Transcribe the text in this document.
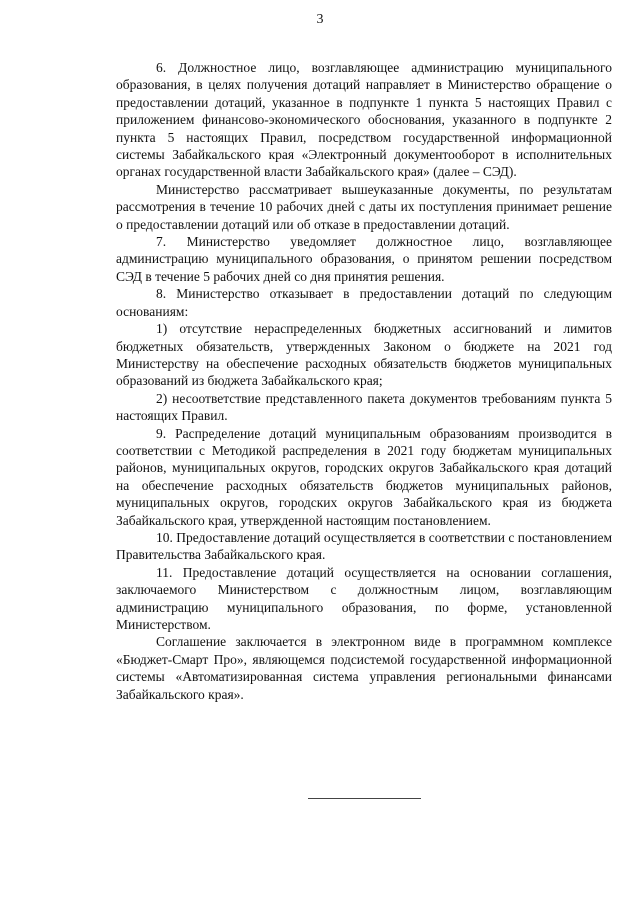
3

6. Должностное лицо, возглавляющее администрацию муниципального образования, в целях получения дотаций направляет в Министерство обращение о предоставлении дотаций, указанное в подпункте 1 пункта 5 настоящих Правил с приложением финансово-экономического обоснования, указанного в подпункте 2 пункта 5 настоящих Правил, посредством государственной информационной системы Забайкальского края «Электронный документооборот в исполнительных органах государственной власти Забайкальского края» (далее – СЭД).

Министерство рассматривает вышеуказанные документы, по результатам рассмотрения в течение 10 рабочих дней с даты их поступления принимает решение о предоставлении дотаций или об отказе в предоставлении дотаций.

7. Министерство уведомляет должностное лицо, возглавляющее администрацию муниципального образования, о принятом решении посредством СЭД в течение 5 рабочих дней со дня принятия решения.

8. Министерство отказывает в предоставлении дотаций по следующим основаниям:

1) отсутствие нераспределенных бюджетных ассигнований и лимитов бюджетных обязательств, утвержденных Законом о бюджете на 2021 год Министерству на обеспечение расходных обязательств бюджетов муниципальных образований из бюджета Забайкальского края;

2) несоответствие представленного пакета документов требованиям пункта 5 настоящих Правил.

9. Распределение дотаций муниципальным образованиям производится в соответствии с Методикой распределения в 2021 году бюджетам муниципальных районов, муниципальных округов, городских округов Забайкальского края дотаций на обеспечение расходных обязательств бюджетов муниципальных районов, муниципальных округов, городских округов Забайкальского края из бюджета Забайкальского края, утвержденной настоящим постановлением.

10. Предоставление дотаций осуществляется в соответствии с постановлением Правительства Забайкальского края.

11. Предоставление дотаций осуществляется на основании соглашения, заключаемого Министерством с должностным лицом, возглавляющим администрацию муниципального образования, по форме, установленной Министерством.

Соглашение заключается в электронном виде в программном комплексе «Бюджет-Смарт Про», являющемся подсистемой государственной информационной системы «Автоматизированная система управления региональными финансами Забайкальского края».
